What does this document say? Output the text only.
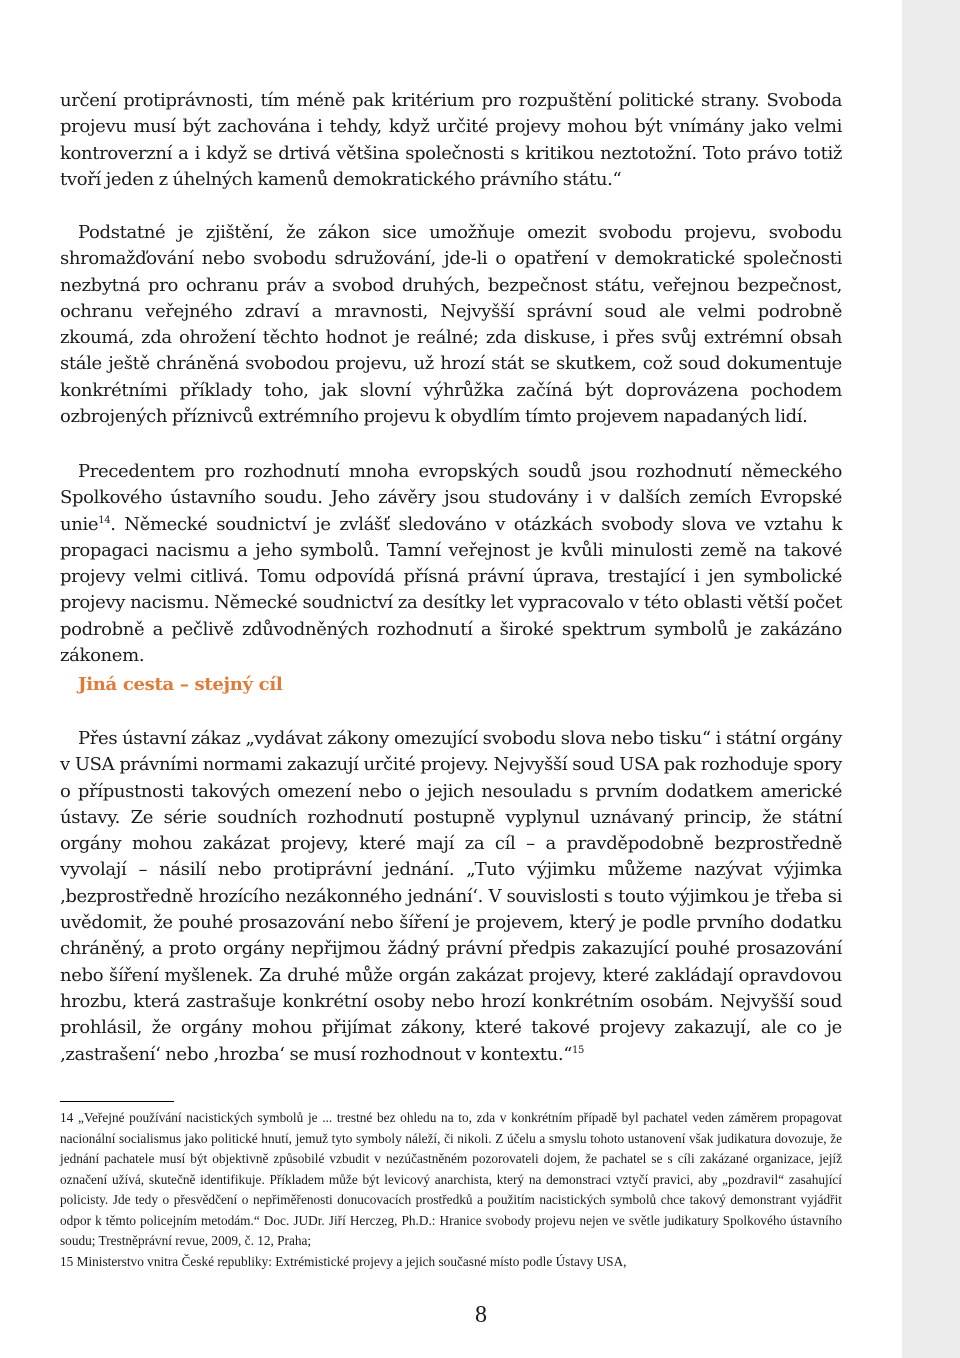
určení protiprávnosti, tím méně pak kritérium pro rozpuštění politické strany. Svoboda projevu musí být zachována i tehdy, když určité projevy mohou být vnímány jako velmi kontroverzní a i když se drtivá většina společnosti s kritikou neztotožní. Toto právo totiž tvoří jeden z úhelných kamenů demokratického právního státu.“

Podstatné je zjištění, že zákon sice umožňuje omezit svobodu projevu, svobodu shromažďování nebo svobodu sdružování, jde-li o opatření v demokratické společnosti nezbytná pro ochranu práv a svobod druhých, bezpečnost státu, veřejnou bezpečnost, ochranu veřejného zdraví a mravnosti, Nejvyšší správní soud ale velmi podrobně zkoumá, zda ohrožení těchto hodnot je reálné; zda diskuse, i přes svůj extrémní obsah stále ještě chráněná svobodou projevu, už hrozí stát se skutkem, což soud dokumentuje konkrétními příklady toho, jak slovní výhrůžka začíná být doprovázena pochodem ozbrojených příznivců extrémního projevu k obydlím tímto projevem napadaných lidí.

Precedentem pro rozhodnutí mnoha evropských soudů jsou rozhodnutí německého Spolkového ústavního soudu. Jeho závěry jsou studovány i v dalších zemích Evropské unie$^{14}$. Německé soudnictví je zvlášť sledováno v otázkách svobody slova ve vztahu k propagaci nacismu a jeho symbolů. Tamní veřejnost je kvůli minulosti země na takové projevy velmi citlivá. Tomu odpovídá přísná právní úprava, trestající i jen symbolické projevy nacismu. Německé soudnictví za desítky let vypracovalo v této oblasti větší počet podrobně a pečlivě zdůvodněných rozhodnutí a široké spektrum symbolů je zakázáno zákonem.

Jiná cesta – stejný cíl

Přes ústavní zákaz „vydávat zákony omezující svobodu slova nebo tisku“ i státní orgány v USA právními normami zakazují určité projevy. Nejvyšší soud USA pak rozhoduje spory o přípustnosti takových omezení nebo o jejich nesouladu s prvním dodatkem americké ústavy. Ze série soudních rozhodnutí postupně vyplynul uznávaný princip, že státní orgány mohou zakázat projevy, které mají za cíl – a pravděpodobně bezprostředně vyvolají – násilí nebo protiprávní jednání. „Tuto výjimku můžeme nazývat výjimka ‚bezprostředně hrozícího nezákonného jednání‘. V souvislosti s touto výjimkou je třeba si uvědomit, že pouhé prosazování nebo šíření je projevem, který je podle prvního dodatku chráněný, a proto orgány nepřijmou žádný právní předpis zakazující pouhé prosazování nebo šíření myšlenek. Za druhé může orgán zakázat projevy, které zakládají opravdovou hrozbu, která zastrašuje konkrétní osoby nebo hrozí konkrétním osobám. Nejvyšší soud prohlásil, že orgány mohou přijímat zákony, které takové projevy zakazují, ale co je ‚zastrašení‘ nebo ‚hrozba‘ se musí rozhodnout v kontextu.“$^{15}$

14 „Veřejné používání nacistických symbolů je ... trestné bez ohledu na to, zda v konkrétním případě byl pachatel veden záměrem propagovat nacionální socialismus jako politické hnutí, jemuž tyto symboly náleží, či nikoli. Z účelu a smyslu tohoto ustanovení však judikatura dovozuje, že jednání pachatele musí být objektivně způsobilé vzbudit v nezúčastněném pozorovateli dojem, že pachatel se s cíli zakázané organizace, jejíž označení užívá, skutečně identifikuje. Příkladem může být levicový anarchista, který na demonstraci vztyčí pravici, aby „pozdravil“ zasahující policisty. Jde tedy o přesvědčení o nepřiměřenosti donucovacích prostředků a použitím nacistických symbolů chce takový demonstrant vyjádřit odpor k těmto policejním metodám.“ Doc. JUDr. Jiří Herczeg, Ph.D.: Hranice svobody projevu nejen ve světle judikatury Spolkového ústavního soudu; Trestněprávní revue, 2009, č. 12, Praha;

15 Ministerstvo vnitra České republiky: Extrémistické projevy a jejich současné místo podle Ústavy USA,

8
